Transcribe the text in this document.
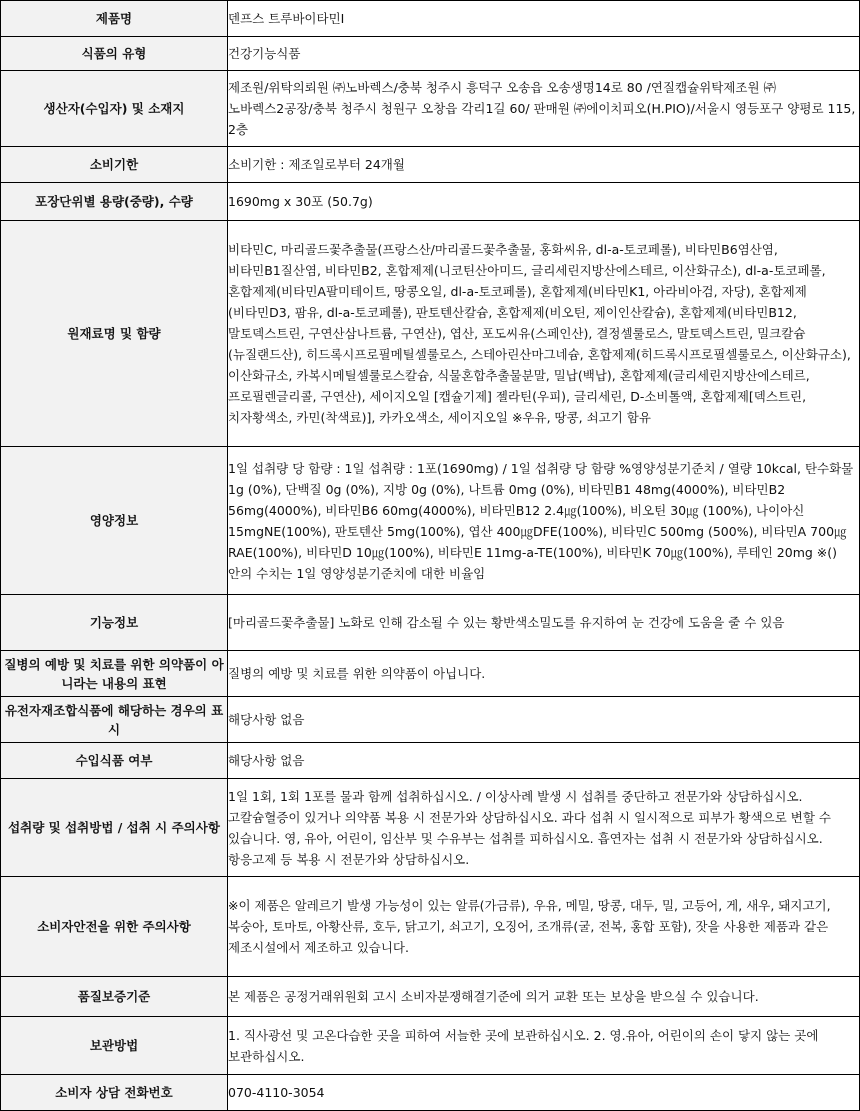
제품명	덴프스 트루바이타민Ⅰ
식품의 유형	건강기능식품
생산자(수입자) 및 소재지	제조원/위탁의뢰원 ㈜노바렉스/충북 청주시 흥덕구 오송읍 오송생명14로 80 /연질캡슐위탁제조원 ㈜노바렉스2공장/충북 청주시 청원구 오창읍 각리1길 60/ 판매원 ㈜에이치피오(H.PIO)/서울시 영등포구 양평로 115, 2층
소비기한	소비기한 : 제조일로부터 24개월
포장단위별 용량(중량), 수량	1690mg x 30포 (50.7g)
원재료명 및 함량	비타민C, 마리골드꽃추출물(프랑스산/마리골드꽃추출물, 홍화씨유, dl-a-토코페롤), 비타민B6염산염, 비타민B1질산염, 비타민B2, 혼합제제(니코틴산아미드, 글리세린지방산에스테르, 이산화규소), dl-a-토코페롤, 혼합제제(비타민A팔미테이트, 땅콩오일, dl-a-토코페롤), 혼합제제(비타민K1, 아라비아검, 자당), 혼합제제(비타민D3, 팜유, dl-a-토코페롤), 판토텐산칼슘, 혼합제제(비오틴, 제이인산칼슘), 혼합제제(비타민B12, 말토덱스트린, 구연산삼나트륨, 구연산), 엽산, 포도씨유(스페인산), 결정셀룰로스, 말토덱스트린, 밀크칼슘(뉴질랜드산), 히드록시프로필메틸셀룰로스, 스테아린산마그네슘, 혼합제제(히드록시프로필셀룰로스, 이산화규소), 이산화규소, 카복시메틸셀룰로스칼슘, 식물혼합추출물분말, 밀납(백납), 혼합제제(글리세린지방산에스테르, 프로필렌글리콜, 구연산), 세이지오일 [캡슐기제] 젤라틴(우피), 글리세린, D-소비톨액, 혼합제제[덱스트린, 치자황색소, 카민(착색료)], 카카오색소, 세이지오일 ※우유, 땅콩, 쇠고기 함유
영양정보	1일 섭취량 당 함량 : 1일 섭취량 : 1포(1690mg) / 1일 섭취량 당 함량 %영양성분기준치 / 열량 10kcal, 탄수화물 1g (0%), 단백질 0g (0%), 지방 0g (0%), 나트륨 0mg (0%), 비타민B1 48mg(4000%), 비타민B2 56mg(4000%), 비타민B6 60mg(4000%), 비타민B12 2.4㎍(100%), 비오틴 30㎍ (100%), 나이아신 15mgNE(100%), 판토텐산 5mg(100%), 엽산 400㎍DFE(100%), 비타민C 500mg (500%), 비타민A 700㎍RAE(100%), 비타민D 10㎍(100%), 비타민E 11mg-a-TE(100%), 비타민K 70㎍(100%), 루테인 20mg ※()안의 수치는 1일 영양성분기준치에 대한 비율임
기능정보	[마리골드꽃추출물] 노화로 인해 감소될 수 있는 황반색소밀도를 유지하여 눈 건강에 도움을 줄 수 있음
질병의 예방 및 치료를 위한 의약품이 아니라는 내용의 표현	질병의 예방 및 치료를 위한 의약품이 아닙니다.
유전자재조합식품에 해당하는 경우의 표시	해당사항 없음
수입식품 여부	해당사항 없음
섭취량 및 섭취방법 / 섭취 시 주의사항	1일 1회, 1회 1포를 물과 함께 섭취하십시오. / 이상사례 발생 시 섭취를 중단하고 전문가와 상담하십시오. 고칼슘혈증이 있거나 의약품 복용 시 전문가와 상담하십시오. 과다 섭취 시 일시적으로 피부가 황색으로 변할 수 있습니다. 영, 유아, 어린이, 임산부 및 수유부는 섭취를 피하십시오. 흡연자는 섭취 시 전문가와 상담하십시오. 항응고제 등 복용 시 전문가와 상담하십시오.
소비자안전을 위한 주의사항	※이 제품은 알레르기 발생 가능성이 있는 알류(가금류), 우유, 메밀, 땅콩, 대두, 밀, 고등어, 게, 새우, 돼지고기, 복숭아, 토마토, 아황산류, 호두, 닭고기, 쇠고기, 오징어, 조개류(굴, 전복, 홍합 포함), 잣을 사용한 제품과 같은 제조시설에서 제조하고 있습니다.
품질보증기준	본 제품은 공정거래위원회 고시 소비자분쟁해결기준에 의거 교환 또는 보상을 받으실 수 있습니다.
보관방법	1. 직사광선 및 고온다습한 곳을 피하여 서늘한 곳에 보관하십시오. 2. 영.유아, 어린이의 손이 닿지 않는 곳에 보관하십시오.
소비자 상담 전화번호	070-4110-3054
